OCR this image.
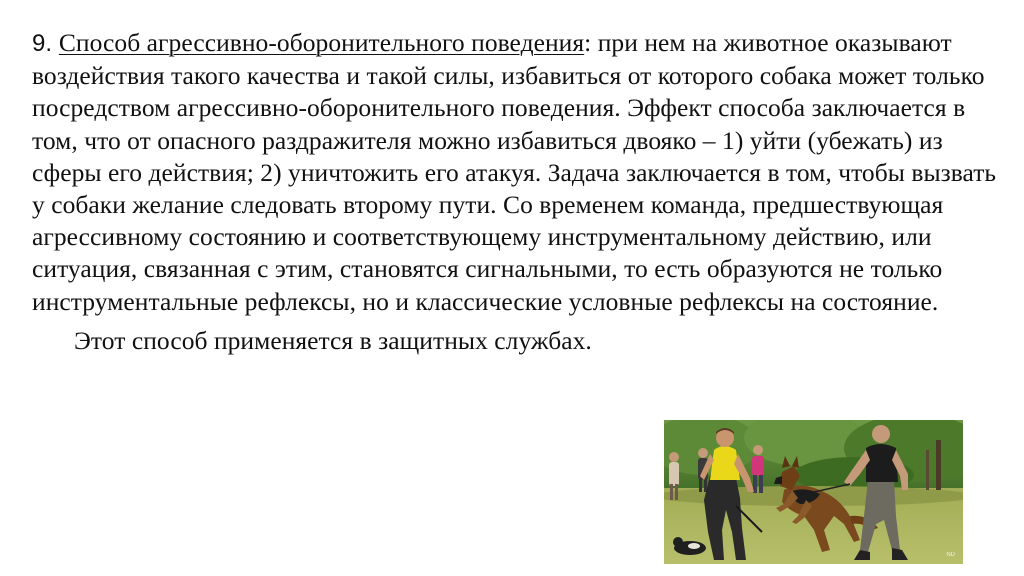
9. Способ агрессивно-оборонительного поведения: при нем на животное оказывают воздействия такого качества и такой силы, избавиться от которого собака может только посредством агрессивно-оборонительного поведения. Эффект способа заключается в том, что от опасного раздражителя можно избавиться двояко – 1) уйти (убежать) из сферы его действия; 2) уничтожить его атакуя. Задача заключается в том, чтобы вызвать у собаки желание следовать второму пути. Со временем команда, предшествующая агрессивному состоянию и соответствующему инструментальному действию, или ситуация, связанная с этим, становятся сигнальными, то есть образуются не только инструментальные рефлексы, но и классические условные рефлексы на состояние.

Этот способ применяется в защитных службах.

ND
